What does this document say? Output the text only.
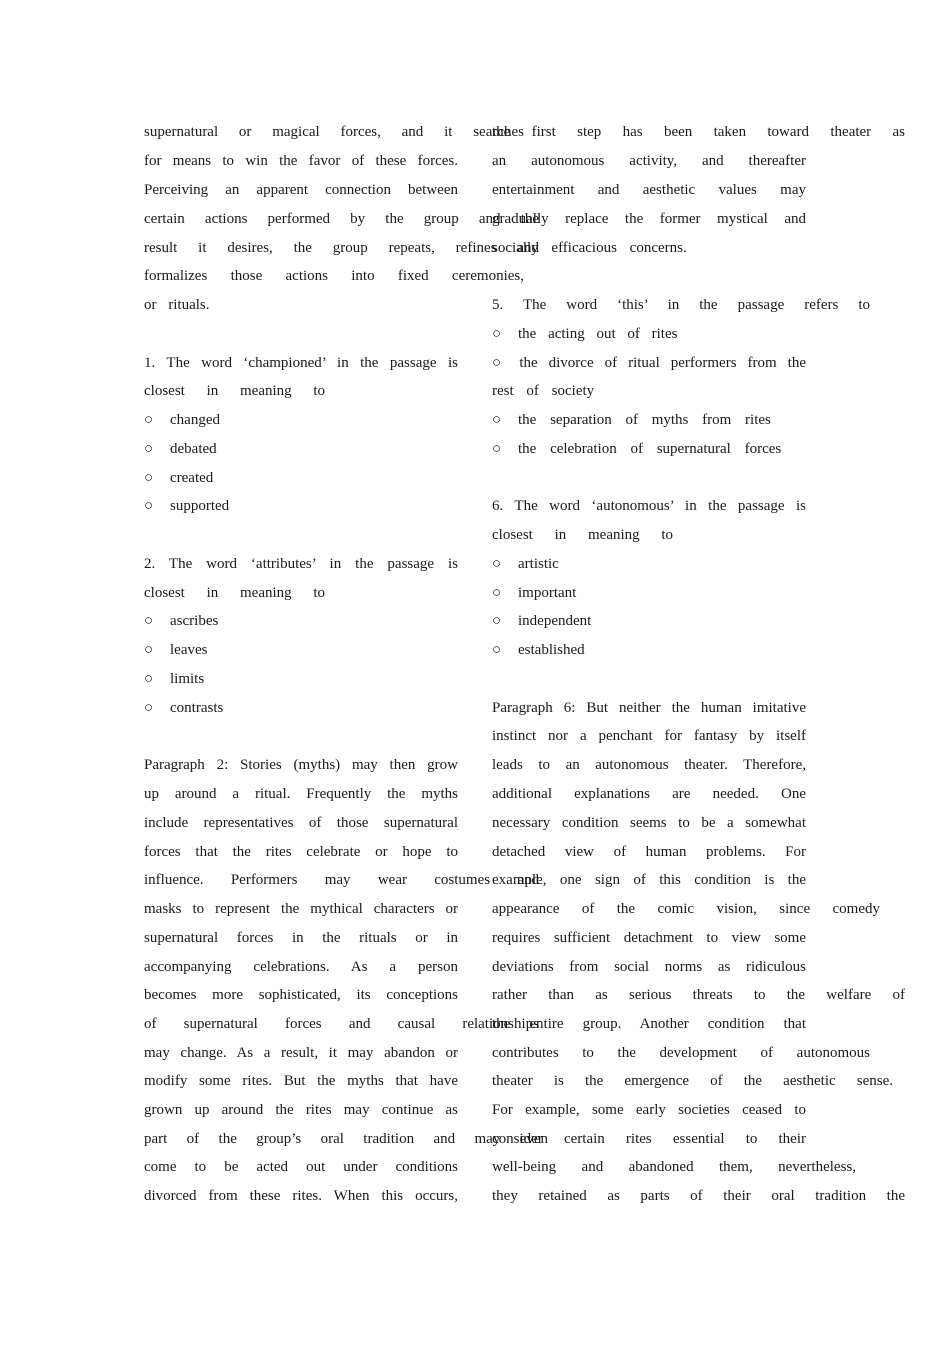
supernatural or magical forces, and it searches
for means to win the favor of these forces.
Perceiving an apparent connection between
certain actions performed by the group and the
result it desires, the group repeats, refines and
formalizes those actions into fixed ceremonies,
or rituals.
1. The word ‘championed’ in the passage is
closest in meaning to
○ changed
○ debated
○ created
○ supported
2. The word ‘attributes’ in the passage is
closest in meaning to
○ ascribes
○ leaves
○ limits
○ contrasts
Paragraph 2: Stories (myths) may then grow
up around a ritual. Frequently the myths
include representatives of those supernatural
forces that the rites celebrate or hope to
influence. Performers may wear costumes and
masks to represent the mythical characters or
supernatural forces in the rituals or in
accompanying celebrations. As a person
becomes more sophisticated, its conceptions
of supernatural forces and causal relationships
may change. As a result, it may abandon or
modify some rites. But the myths that have
grown up around the rites may continue as
part of the group’s oral tradition and may even
come to be acted out under conditions
divorced from these rites. When this occurs,
the first step has been taken toward theater as
an autonomous activity, and thereafter
entertainment and aesthetic values may
gradually replace the former mystical and
socially efficacious concerns.
5. The word ‘this’ in the passage refers to
○ the acting out of rites
○ the divorce of ritual performers from the
rest of society
○ the separation of myths from rites
○ the celebration of supernatural forces
6. The word ‘autonomous’ in the passage is
closest in meaning to
○ artistic
○ important
○ independent
○ established
Paragraph 6: But neither the human imitative
instinct nor a penchant for fantasy by itself
leads to an autonomous theater. Therefore,
additional explanations are needed. One
necessary condition seems to be a somewhat
detached view of human problems. For
example, one sign of this condition is the
appearance of the comic vision, since comedy
requires sufficient detachment to view some
deviations from social norms as ridiculous
rather than as serious threats to the welfare of
the entire group. Another condition that
contributes to the development of autonomous
theater is the emergence of the aesthetic sense.
For example, some early societies ceased to
consider certain rites essential to their
well-being and abandoned them, nevertheless,
they retained as parts of their oral tradition the
